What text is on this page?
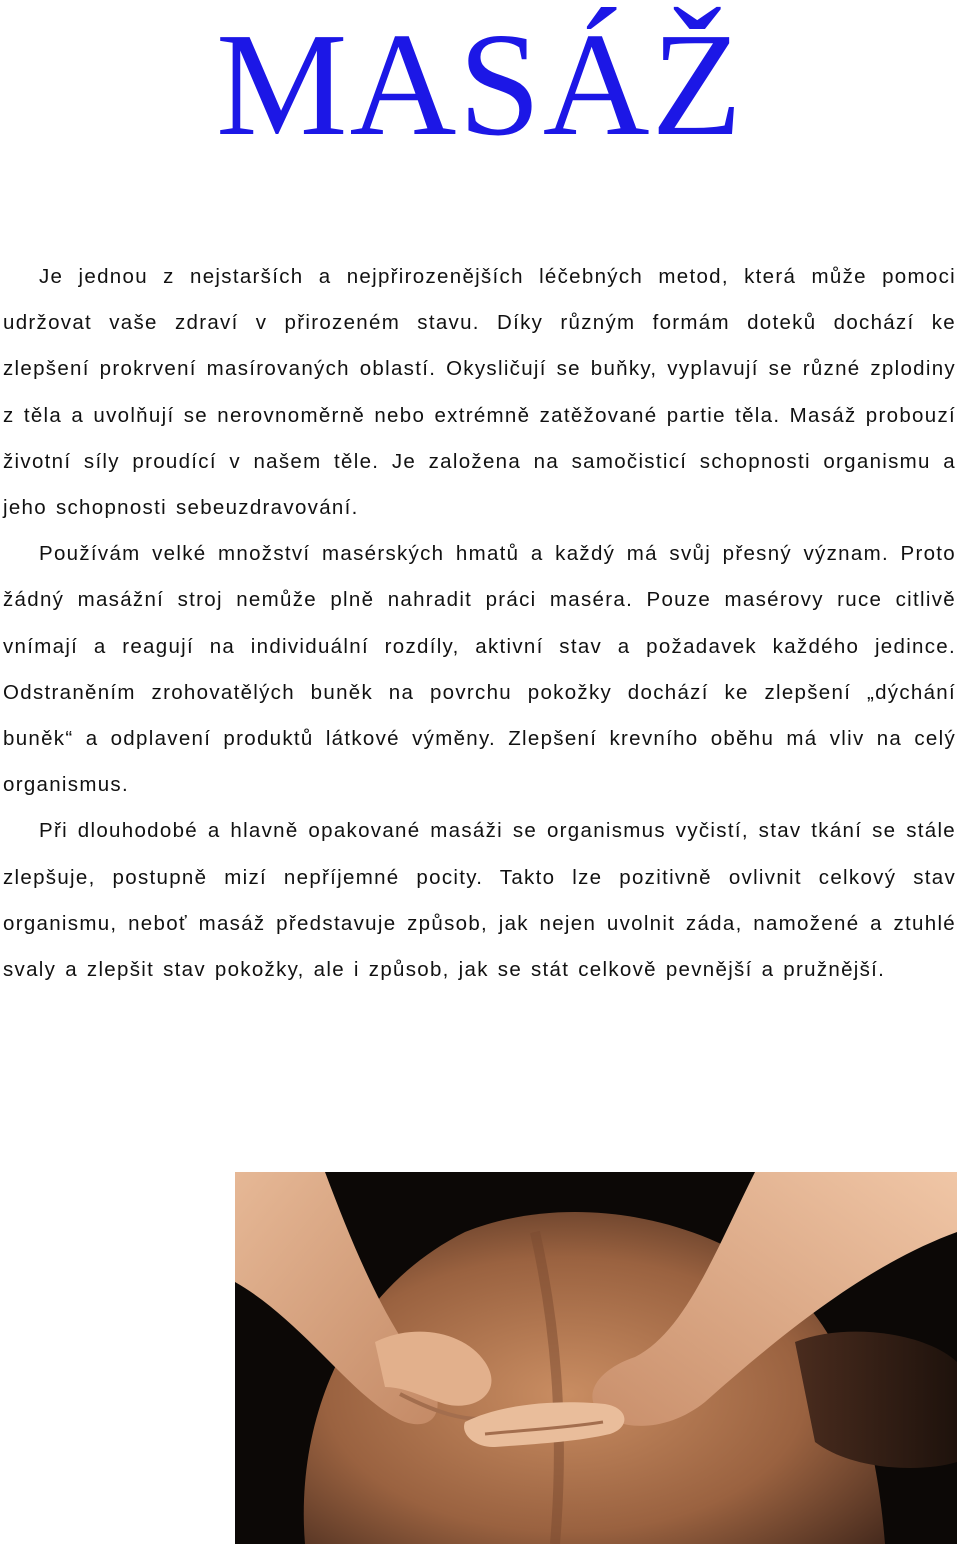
MASÁŽ

Je jednou z nejstarších a nejpřirozenějších léčebných metod, která může pomoci udržovat vaše zdraví v přirozeném stavu. Díky různým formám doteků dochází ke zlepšení prokrvení masírovaných oblastí. Okysličují se buňky, vyplavují se různé zplodiny z těla a uvolňují se nerovnoměrně nebo extrémně zatěžované partie těla. Masáž probouzí životní síly proudící v našem těle. Je založena na samočisticí schopnosti organismu a jeho schopnosti sebeuzdravování.

Používám velké množství masérských hmatů a každý má svůj přesný význam. Proto žádný masážní stroj nemůže plně nahradit práci maséra. Pouze masérovy ruce citlivě vnímají a reagují na individuální rozdíly, aktivní stav a požadavek každého jedince. Odstraněním zrohovatělých buněk na povrchu pokožky dochází ke zlepšení „dýchání buněk“ a odplavení produktů látkové výměny. Zlepšení krevního oběhu má vliv na celý organismus.

Při dlouhodobé a hlavně opakované masáži se organismus vyčistí, stav tkání se stále zlepšuje, postupně mizí nepříjemné pocity. Takto lze pozitivně ovlivnit celkový stav organismu, neboť masáž představuje způsob, jak nejen uvolnit záda, namožené a ztuhlé svaly a zlepšit stav pokožky, ale i způsob, jak se stát celkově pevnější a pružnější.
